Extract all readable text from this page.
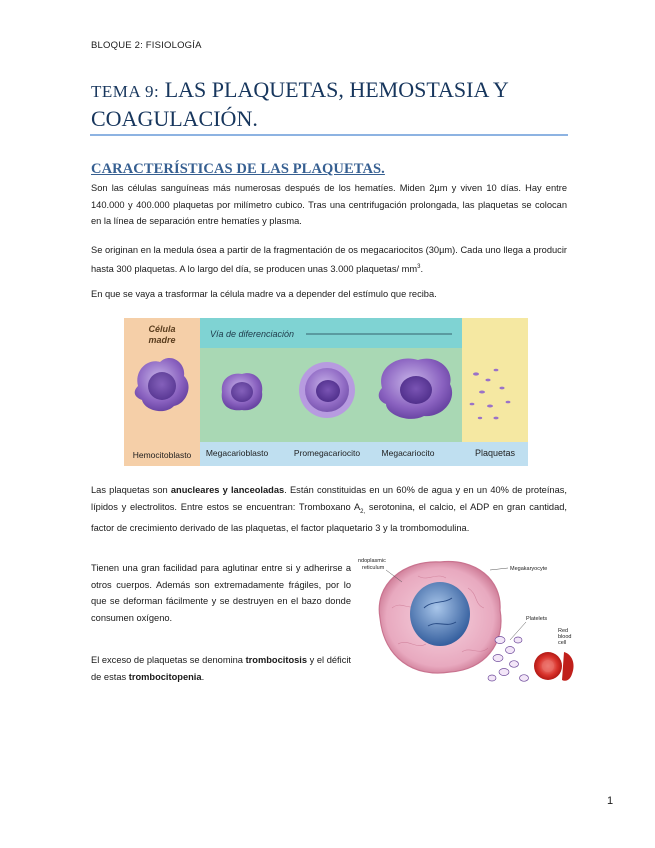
BLOQUE 2: FISIOLOGÍA
TEMA 9: LAS PLAQUETAS, HEMOSTASIA Y COAGULACIÓN.
CARACTERÍSTICAS DE LAS PLAQUETAS.

Son las células sanguíneas más numerosas después de los hematíes. Miden 2µm y viven 10 días. Hay entre 140.000 y 400.000 plaquetas por milímetro cubico. Tras una centrifugación prolongada, las plaquetas se colocan en la línea de separación entre hematíes y plasma.

Se originan en la medula ósea a partir de la fragmentación de os megacariocitos (30µm). Cada uno llega a producir hasta 300 plaquetas. A lo largo del día, se producen unas 3.000 plaquetas/ $mm^3$.

En que se vaya a trasformar la célula madre va a depender del estímulo que reciba.

Célula
madre
Vía de diferenciación
Hemocitoblasto Megacarioblasto	Promegacariocito	Megacariocito	Plaquetas

Las plaquetas son anucleares y lanceoladas. Están constituidas en un 60% de agua y en un 40% de proteínas, lípidos y electrolitos. Entre estos se encuentran: Tromboxano $A_{2,}$ serotonina, el calcio, el ADP en gran cantidad, factor de crecimiento derivado de las plaquetas, el factor plaquetario 3 y la trombomodulina.

Tienen una gran facilidad para aglutinar entre si y adherirse a otros cuerpos. Además son extremadamente frágiles, por lo que se deforman fácilmente y se destruyen en el bazo donde consumen oxígeno.

El exceso de plaquetas se denomina trombocitosis y el déficit de estas trombocitopenia.

ndoplasmic
reticulum	Megakaryocyte
Platelets
Red
blood
cell
1
